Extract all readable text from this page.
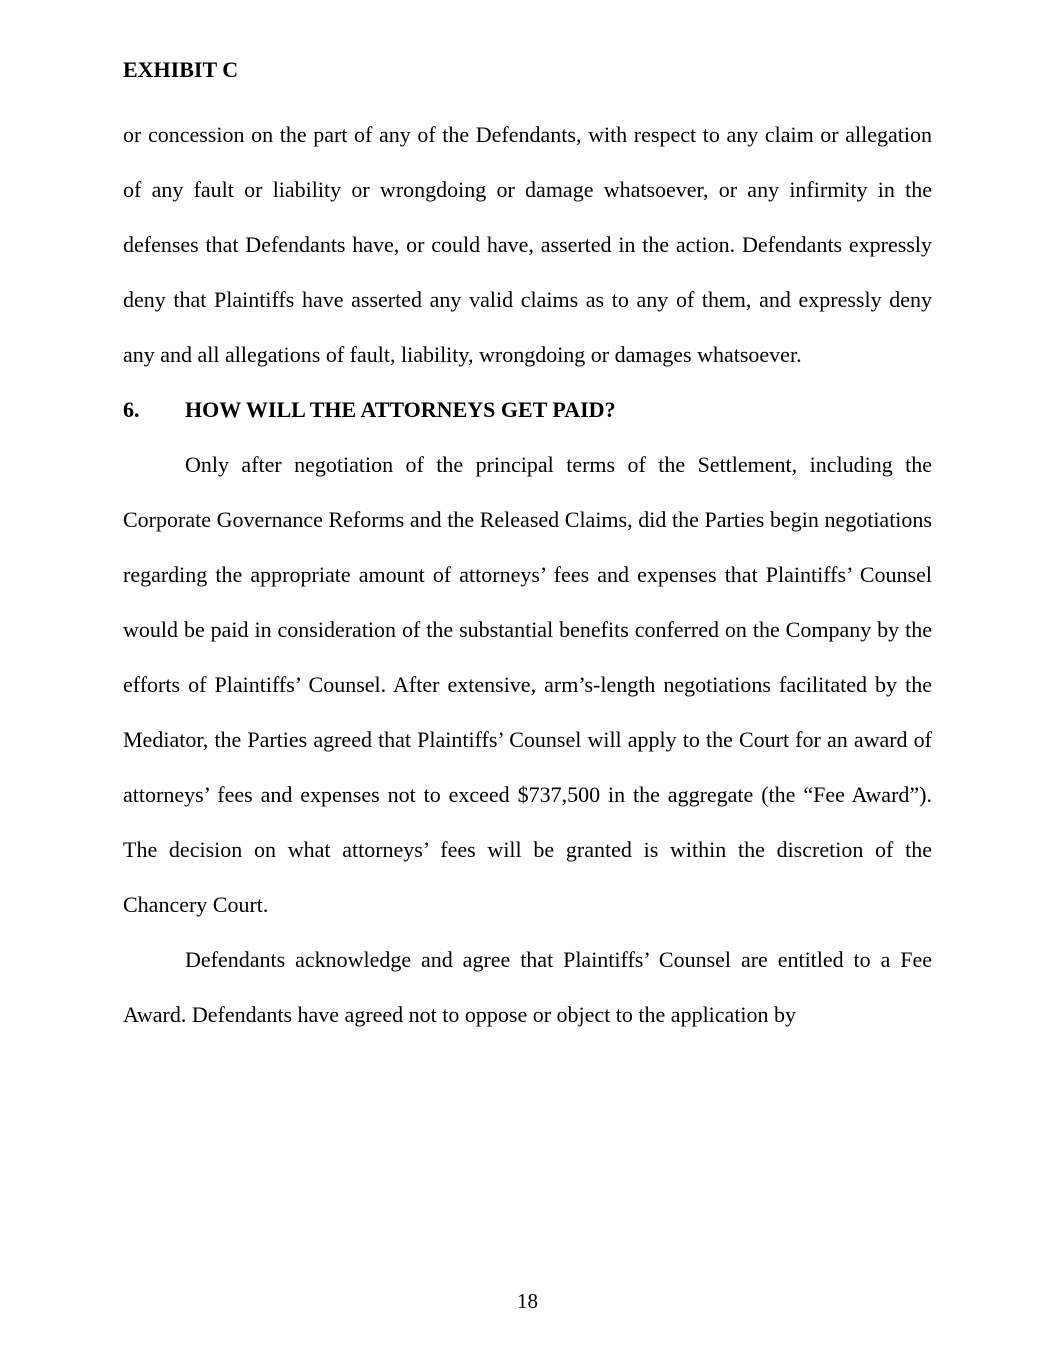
EXHIBIT C

or concession on the part of any of the Defendants, with respect to any claim or allegation of any fault or liability or wrongdoing or damage whatsoever, or any infirmity in the defenses that Defendants have, or could have, asserted in the action. Defendants expressly deny that Plaintiffs have asserted any valid claims as to any of them, and expressly deny any and all allegations of fault, liability, wrongdoing or damages whatsoever.

6.	HOW WILL THE ATTORNEYS GET PAID?

Only after negotiation of the principal terms of the Settlement, including the Corporate Governance Reforms and the Released Claims, did the Parties begin negotiations regarding the appropriate amount of attorneys’ fees and expenses that Plaintiffs’ Counsel would be paid in consideration of the substantial benefits conferred on the Company by the efforts of Plaintiffs’ Counsel. After extensive, arm’s-length negotiations facilitated by the Mediator, the Parties agreed that Plaintiffs’ Counsel will apply to the Court for an award of attorneys’ fees and expenses not to exceed $737,500 in the aggregate (the “Fee Award”). The decision on what attorneys’ fees will be granted is within the discretion of the Chancery Court.

Defendants acknowledge and agree that Plaintiffs’ Counsel are entitled to a Fee Award. Defendants have agreed not to oppose or object to the application by

18
